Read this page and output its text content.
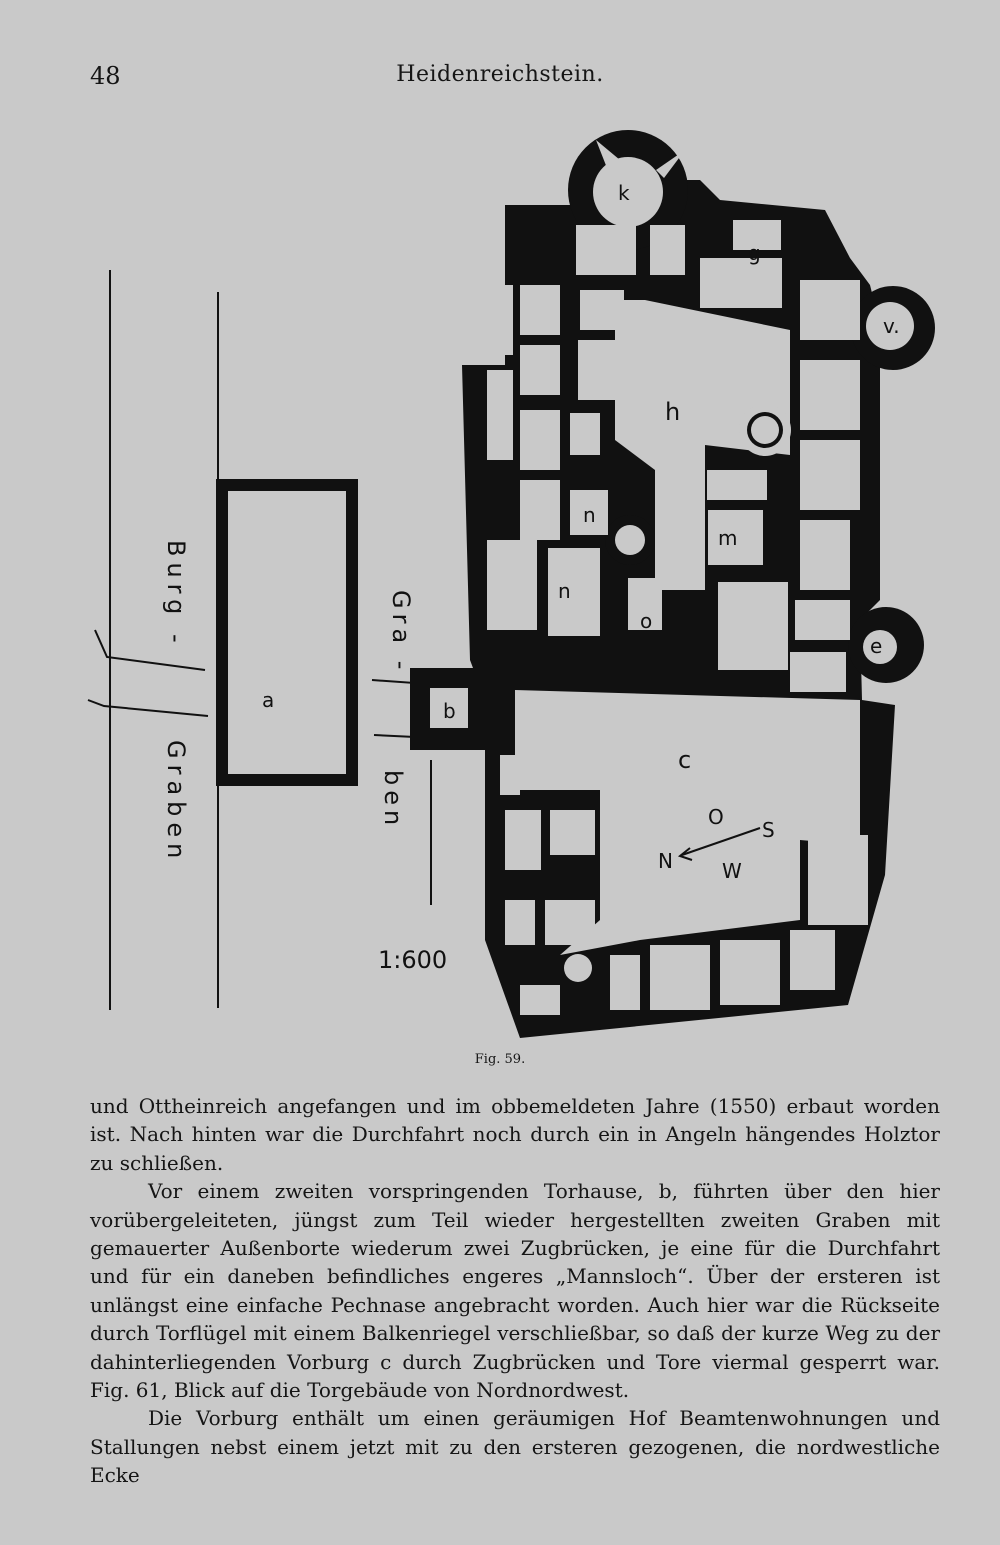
48	Heidenreichstein.
k
g
v.
h
n
n
m
o
e
a	b
c
O
S
N W
Burg -
Graben
Gra -
ben
1:600
Fig. 59.

und Ottheinreich angefangen und im obbemeldeten Jahre (1550) erbaut worden ist. Nach hinten war die Durchfahrt noch durch ein in Angeln hängendes Holztor zu schließen.

Vor einem zweiten vorspringenden Torhause, b, führten über den hier vorübergeleiteten, jüngst zum Teil wieder hergestellten zweiten Graben mit gemauerter Außenborte wiederum zwei Zugbrücken, je eine für die Durchfahrt und für ein daneben befindliches engeres „Mannsloch“. Über der ersteren ist unlängst eine einfache Pechnase angebracht worden. Auch hier war die Rückseite durch Torflügel mit einem Balkenriegel verschließbar, so daß der kurze Weg zu der dahinterliegenden Vorburg c durch Zugbrücken und Tore viermal gesperrt war. Fig. 61, Blick auf die Torgebäude von Nordnordwest.

Die Vorburg enthält um einen geräumigen Hof Beamtenwohnungen und Stallungen nebst einem jetzt mit zu den ersteren gezogenen, die nordwestliche Ecke
